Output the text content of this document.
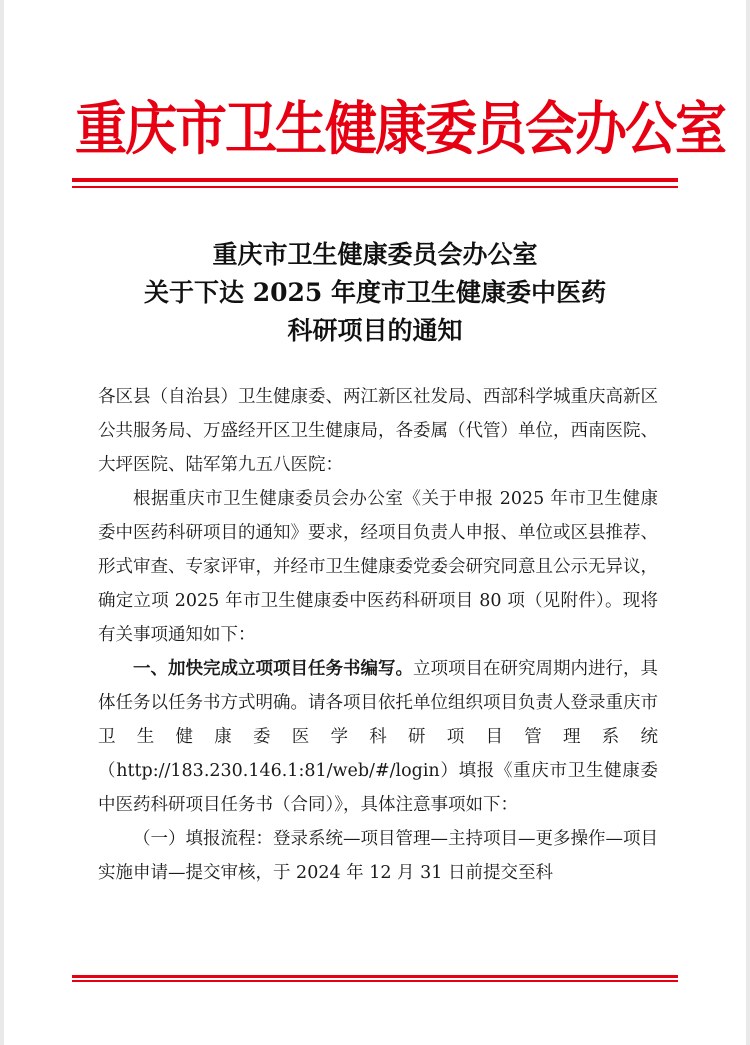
重庆市卫生健康委员会办公室
重庆市卫生健康委员会办公室
关于下达 2025 年度市卫生健康委中医药
科研项目的通知

各区县（自治县）卫生健康委、两江新区社发局、西部科学城重庆高新区公共服务局、万盛经开区卫生健康局，各委属（代管）单位，西南医院、大坪医院、陆军第九五八医院：

根据重庆市卫生健康委员会办公室《关于申报 2025 年市卫生健康委中医药科研项目的通知》要求，经项目负责人申报、单位或区县推荐、形式审查、专家评审，并经市卫生健康委党委会研究同意且公示无异议，确定立项 2025 年市卫生健康委中医药科研项目 80 项（见附件）。现将有关事项通知如下：

一、加快完成立项项目任务书编写。立项项目在研究周期内进行，具体任务以任务书方式明确。请各项目依托单位组织项目负责人登录重庆市卫生健康委医学科研项目管理系统（http://183.230.146.1:81/web/#/login）填报《重庆市卫生健康委中医药科研项目任务书（合同）》，具体注意事项如下：

（一）填报流程：登录系统—项目管理—主持项目—更多操作—项目实施申请—提交审核，于 2024 年 12 月 31 日前提交至科
